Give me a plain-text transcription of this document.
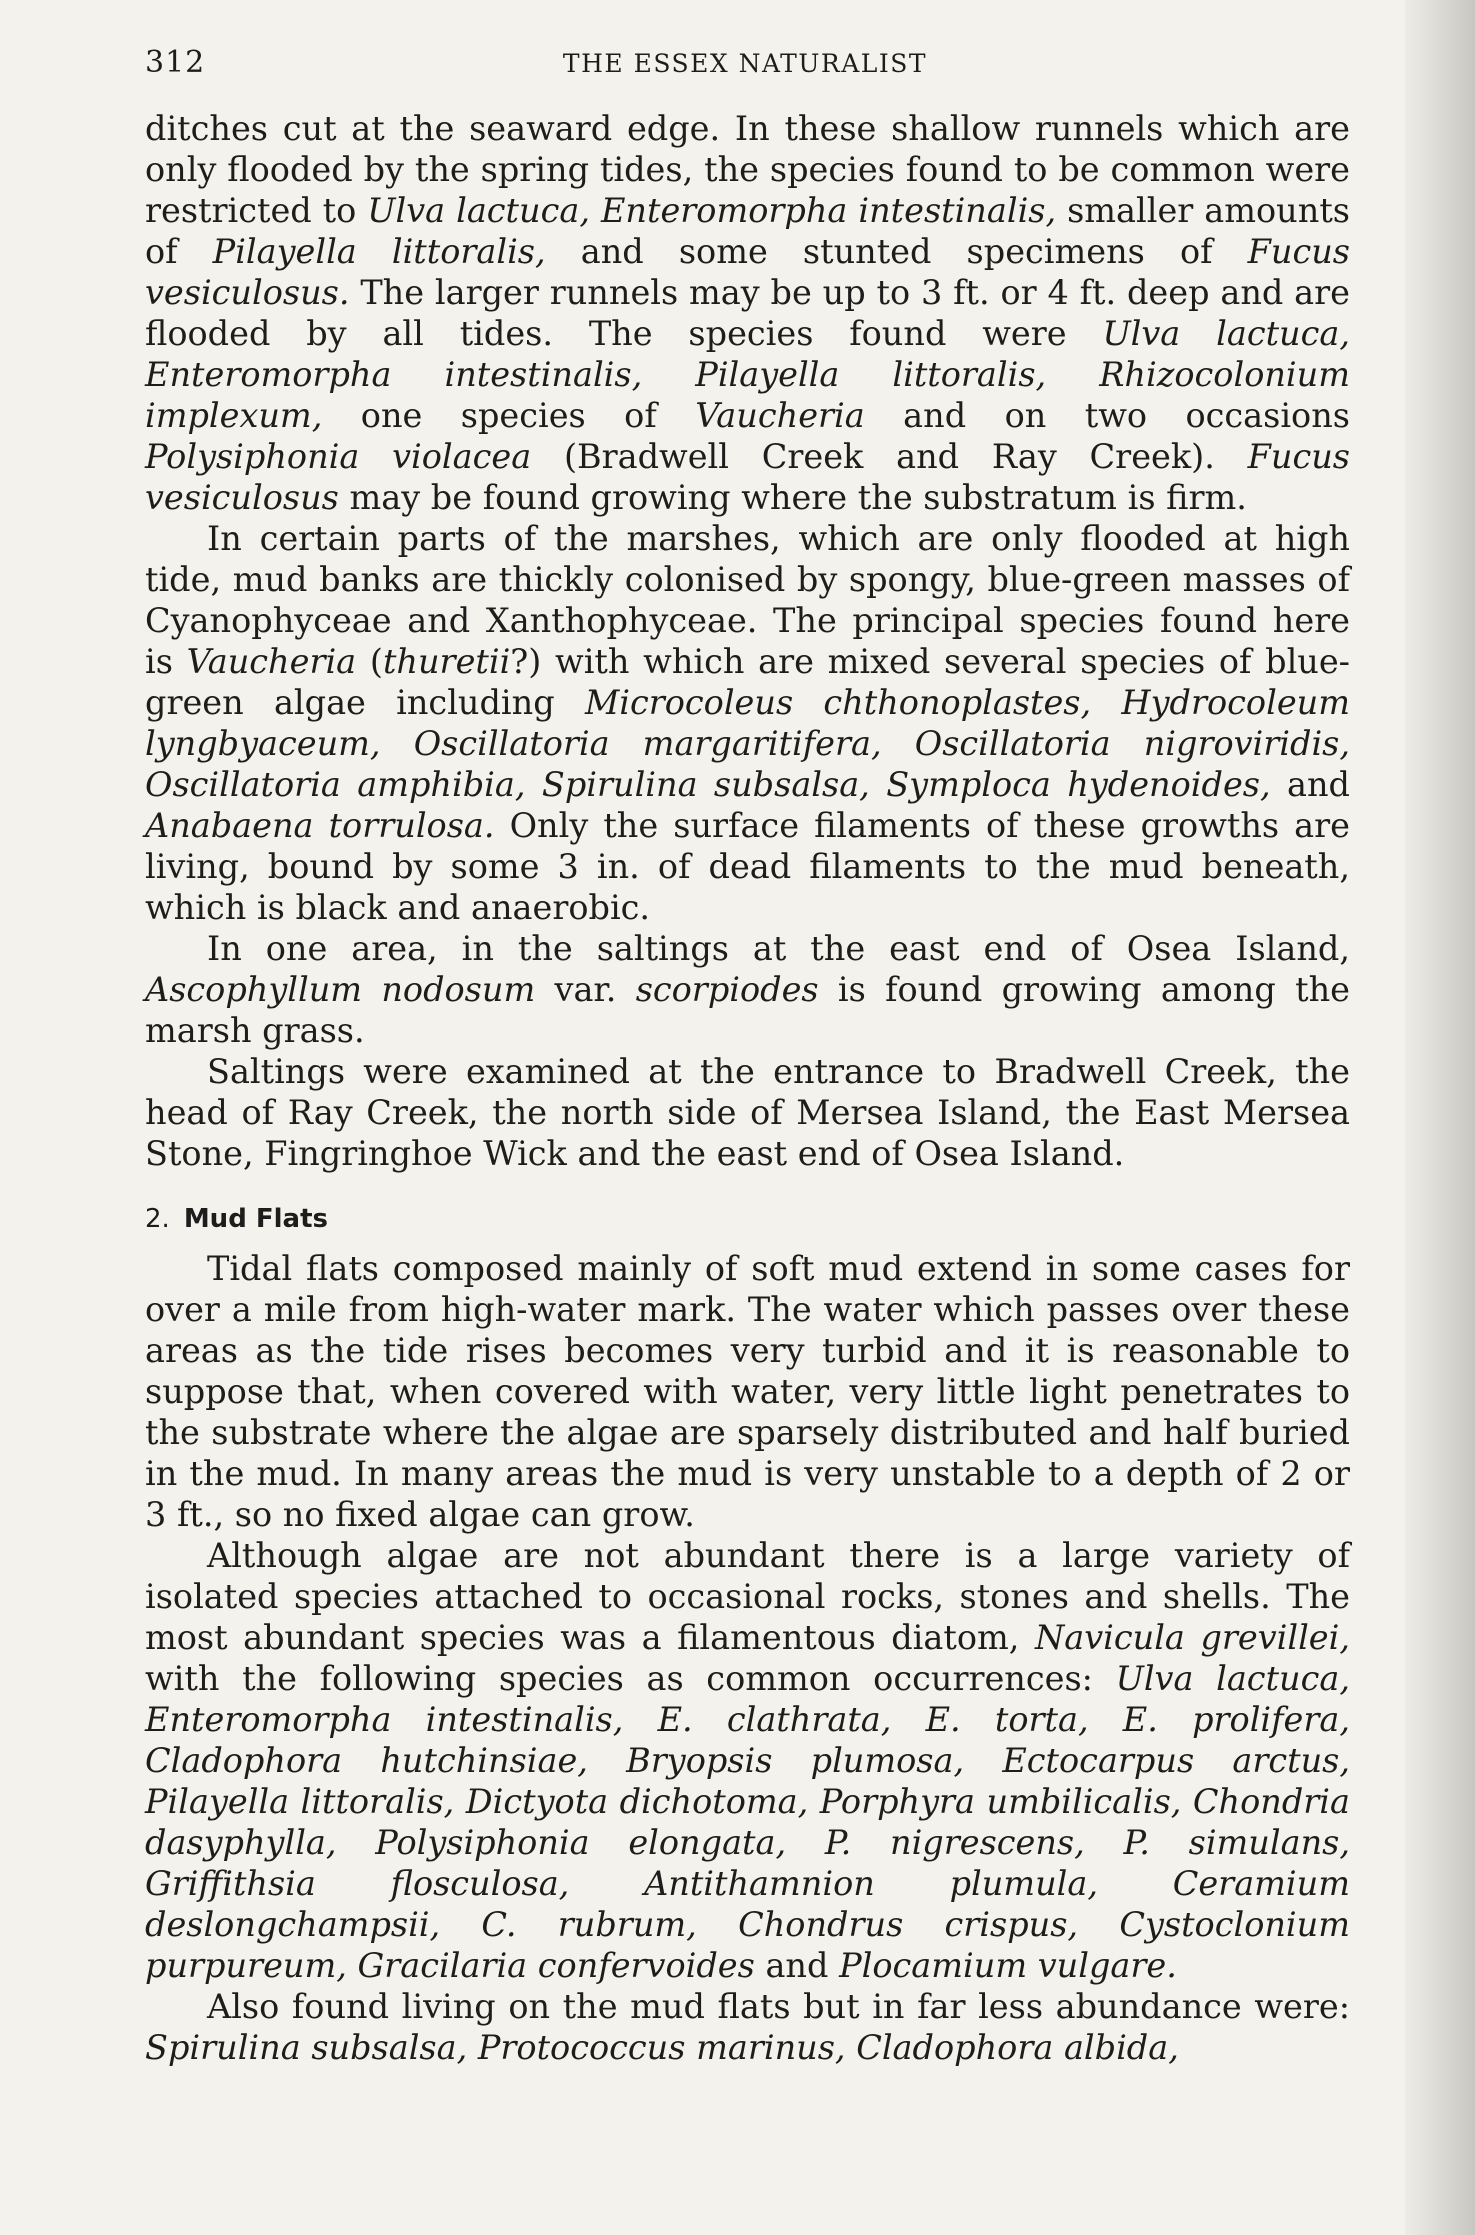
312	THE ESSEX NATURALIST

ditches cut at the seaward edge. In these shallow runnels which are only flooded by the spring tides, the species found to be common were restricted to Ulva lactuca, Enteromorpha intestinalis, smaller amounts of Pilayella littoralis, and some stunted specimens of Fucus vesiculosus. The larger runnels may be up to 3 ft. or 4 ft. deep and are flooded by all tides. The species found were Ulva lactuca, Enteromorpha intestinalis, Pilayella littoralis, Rhizocolonium implexum, one species of Vaucheria and on two occasions Polysiphonia violacea (Bradwell Creek and Ray Creek). Fucus vesiculosus may be found growing where the substratum is firm.

In certain parts of the marshes, which are only flooded at high tide, mud banks are thickly colonised by spongy, blue-green masses of Cyanophyceae and Xanthophyceae. The principal species found here is Vaucheria (thuretii?) with which are mixed several species of blue-green algae including Microcoleus chthonoplastes, Hydrocoleum lyngbyaceum, Oscillatoria margaritifera, Oscillatoria nigroviridis, Oscillatoria amphibia, Spirulina subsalsa, Symploca hydenoides, and Anabaena torrulosa. Only the surface filaments of these growths are living, bound by some 3 in. of dead filaments to the mud beneath, which is black and anaerobic.

In one area, in the saltings at the east end of Osea Island, Ascophyllum nodosum var. scorpiodes is found growing among the marsh grass.

Saltings were examined at the entrance to Bradwell Creek, the head of Ray Creek, the north side of Mersea Island, the East Mersea Stone, Fingringhoe Wick and the east end of Osea Island.

2. Mud Flats

Tidal flats composed mainly of soft mud extend in some cases for over a mile from high-water mark. The water which passes over these areas as the tide rises becomes very turbid and it is reasonable to suppose that, when covered with water, very little light penetrates to the substrate where the algae are sparsely distributed and half buried in the mud. In many areas the mud is very unstable to a depth of 2 or 3 ft., so no fixed algae can grow.

Although algae are not abundant there is a large variety of isolated species attached to occasional rocks, stones and shells. The most abundant species was a filamentous diatom, Navicula grevillei, with the following species as common occurrences: Ulva lactuca, Enteromorpha intestinalis, E. clathrata, E. torta, E. prolifera, Cladophora hutchinsiae, Bryopsis plumosa, Ectocarpus arctus, Pilayella littoralis, Dictyota dichotoma, Porphyra umbilicalis, Chondria dasyphylla, Polysiphonia elongata, P. nigrescens, P. simulans, Griffithsia flosculosa, Antithamnion plumula, Ceramium deslongchampsii, C. rubrum, Chondrus crispus, Cystoclonium purpureum, Gracilaria confervoides and Plocamium vulgare.

Also found living on the mud flats but in far less abundance were: Spirulina subsalsa, Protococcus marinus, Cladophora albida,
